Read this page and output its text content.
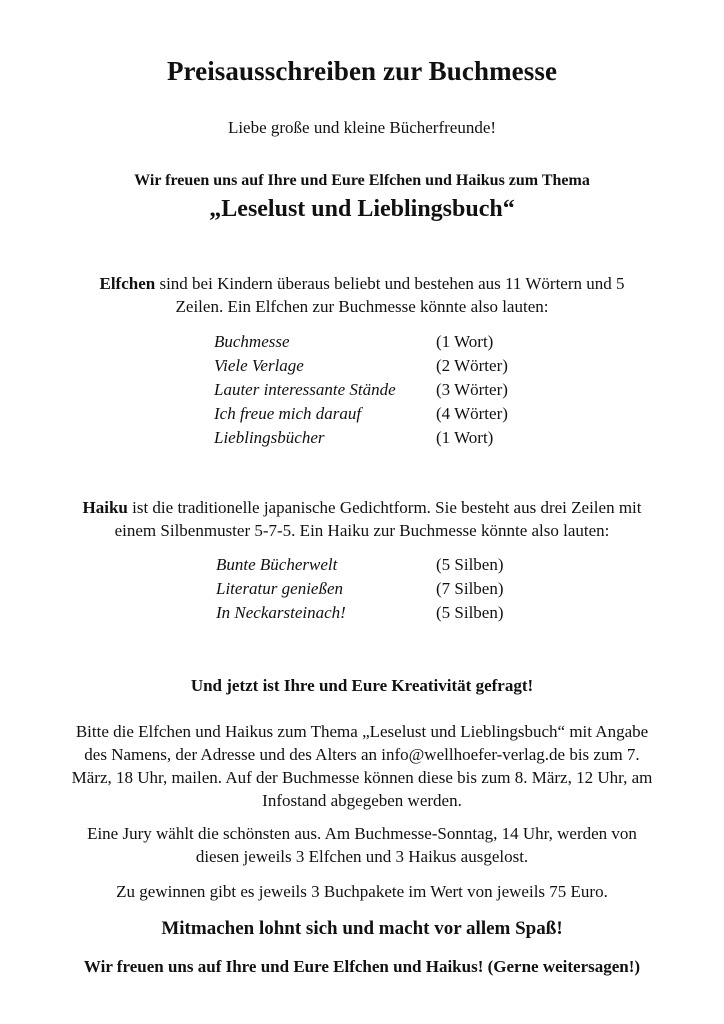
Preisausschreiben zur Buchmesse
Liebe große und kleine Bücherfreunde!
Wir freuen uns auf Ihre und Eure Elfchen und Haikus zum Thema
„Leselust und Lieblingsbuch“
Elfchen sind bei Kindern überaus beliebt und bestehen aus 11 Wörtern und 5 Zeilen. Ein Elfchen zur Buchmesse könnte also lauten:
Buchmesse	(1 Wort)
Viele Verlage	(2 Wörter)
Lauter interessante Stände	(3 Wörter)
Ich freue mich darauf	(4 Wörter)
Lieblingsbücher	(1 Wort)
Haiku ist die traditionelle japanische Gedichtform. Sie besteht aus drei Zeilen mit einem Silbenmuster 5-7-5. Ein Haiku zur Buchmesse könnte also lauten:
Bunte Bücherwelt	(5 Silben)
Literatur genießen	(7 Silben)
In Neckarsteinach!	(5 Silben)
Und jetzt ist Ihre und Eure Kreativität gefragt!
Bitte die Elfchen und Haikus zum Thema „Leselust und Lieblingsbuch“ mit Angabe des Namens, der Adresse und des Alters an info@wellhoefer-verlag.de bis zum 7. März, 18 Uhr, mailen. Auf der Buchmesse können diese bis zum 8. März, 12 Uhr, am Infostand abgegeben werden.
Eine Jury wählt die schönsten aus. Am Buchmesse-Sonntag, 14 Uhr, werden von diesen jeweils 3 Elfchen und 3 Haikus ausgelost.
Zu gewinnen gibt es jeweils 3 Buchpakete im Wert von jeweils 75 Euro.
Mitmachen lohnt sich und macht vor allem Spaß!
Wir freuen uns auf Ihre und Eure Elfchen und Haikus! (Gerne weitersagen!)
